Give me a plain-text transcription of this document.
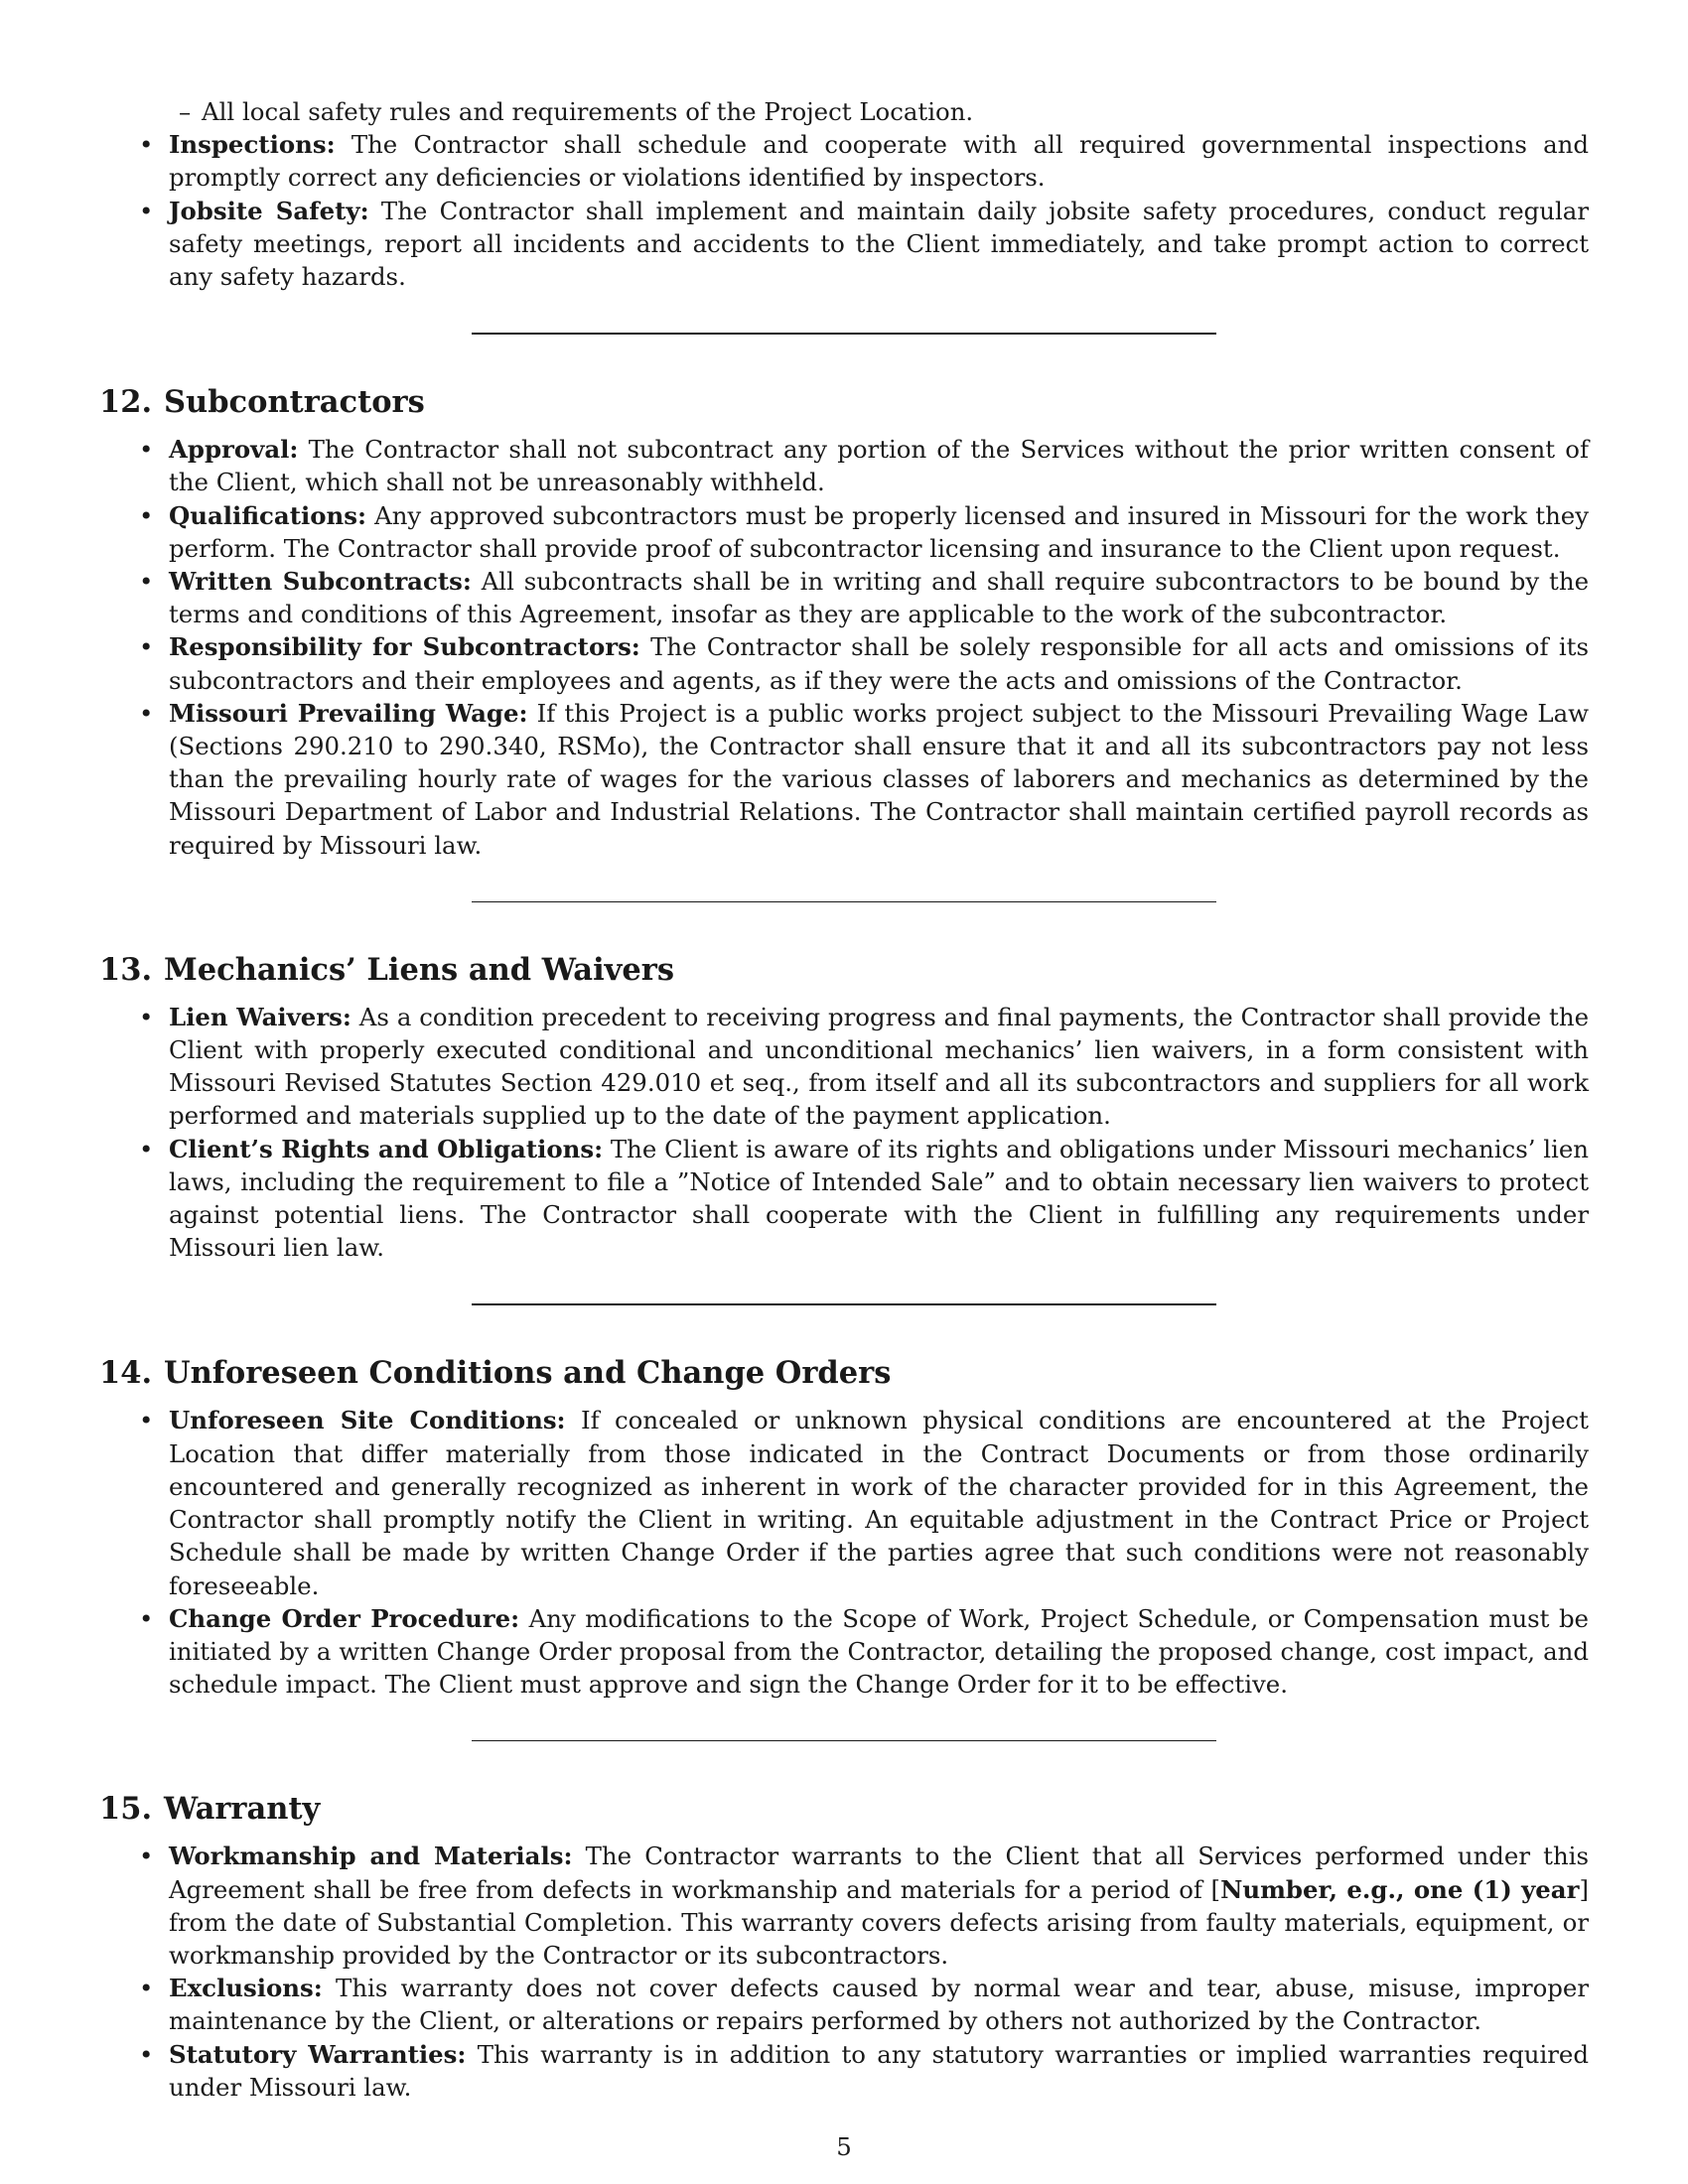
– All local safety rules and requirements of the Project Location.

• Inspections: The Contractor shall schedule and cooperate with all required governmental inspections and promptly correct any deficiencies or violations identified by inspectors.
• Jobsite Safety: The Contractor shall implement and maintain daily jobsite safety procedures, conduct regular safety meetings, report all incidents and accidents to the Client immediately, and take prompt action to correct any safety hazards.
12. Subcontractors
• Approval: The Contractor shall not subcontract any portion of the Services without the prior written consent of the Client, which shall not be unreasonably withheld.
• Qualifications: Any approved subcontractors must be properly licensed and insured in Missouri for the work they perform. The Contractor shall provide proof of subcontractor licensing and insurance to the Client upon request.
• Written Subcontracts: All subcontracts shall be in writing and shall require subcontractors to be bound by the terms and conditions of this Agreement, insofar as they are applicable to the work of the subcontractor.
• Responsibility for Subcontractors: The Contractor shall be solely responsible for all acts and omissions of its subcontractors and their employees and agents, as if they were the acts and omissions of the Contractor.
• Missouri Prevailing Wage: If this Project is a public works project subject to the Missouri Prevailing Wage Law (Sections 290.210 to 290.340, RSMo), the Contractor shall ensure that it and all its subcontractors pay not less than the prevailing hourly rate of wages for the various classes of laborers and mechanics as determined by the Missouri Department of Labor and Industrial Relations. The Contractor shall maintain certified payroll records as required by Missouri law.
13. Mechanics’ Liens and Waivers
• Lien Waivers: As a condition precedent to receiving progress and final payments, the Contractor shall provide the Client with properly executed conditional and unconditional mechanics’ lien waivers, in a form consistent with Missouri Revised Statutes Section 429.010 et seq., from itself and all its subcontractors and suppliers for all work performed and materials supplied up to the date of the payment application.
• Client’s Rights and Obligations: The Client is aware of its rights and obligations under Missouri mechanics’ lien laws, including the requirement to file a ”Notice of Intended Sale” and to obtain necessary lien waivers to protect against potential liens. The Contractor shall cooperate with the Client in fulfilling any requirements under Missouri lien law.
14. Unforeseen Conditions and Change Orders
• Unforeseen Site Conditions: If concealed or unknown physical conditions are encountered at the Project Location that differ materially from those indicated in the Contract Documents or from those ordinarily encountered and generally recognized as inherent in work of the character provided for in this Agreement, the Contractor shall promptly notify the Client in writing. An equitable adjustment in the Contract Price or Project Schedule shall be made by written Change Order if the parties agree that such conditions were not reasonably foreseeable.
• Change Order Procedure: Any modifications to the Scope of Work, Project Schedule, or Compensation must be initiated by a written Change Order proposal from the Contractor, detailing the proposed change, cost impact, and schedule impact. The Client must approve and sign the Change Order for it to be effective.
15. Warranty
• Workmanship and Materials: The Contractor warrants to the Client that all Services performed under this Agreement shall be free from defects in workmanship and materials for a period of [Number, e.g., one (1) year] from the date of Substantial Completion. This warranty covers defects arising from faulty materials, equipment, or workmanship provided by the Contractor or its subcontractors.
• Exclusions: This warranty does not cover defects caused by normal wear and tear, abuse, misuse, improper maintenance by the Client, or alterations or repairs performed by others not authorized by the Contractor.
• Statutory Warranties: This warranty is in addition to any statutory warranties or implied warranties required under Missouri law.
5
